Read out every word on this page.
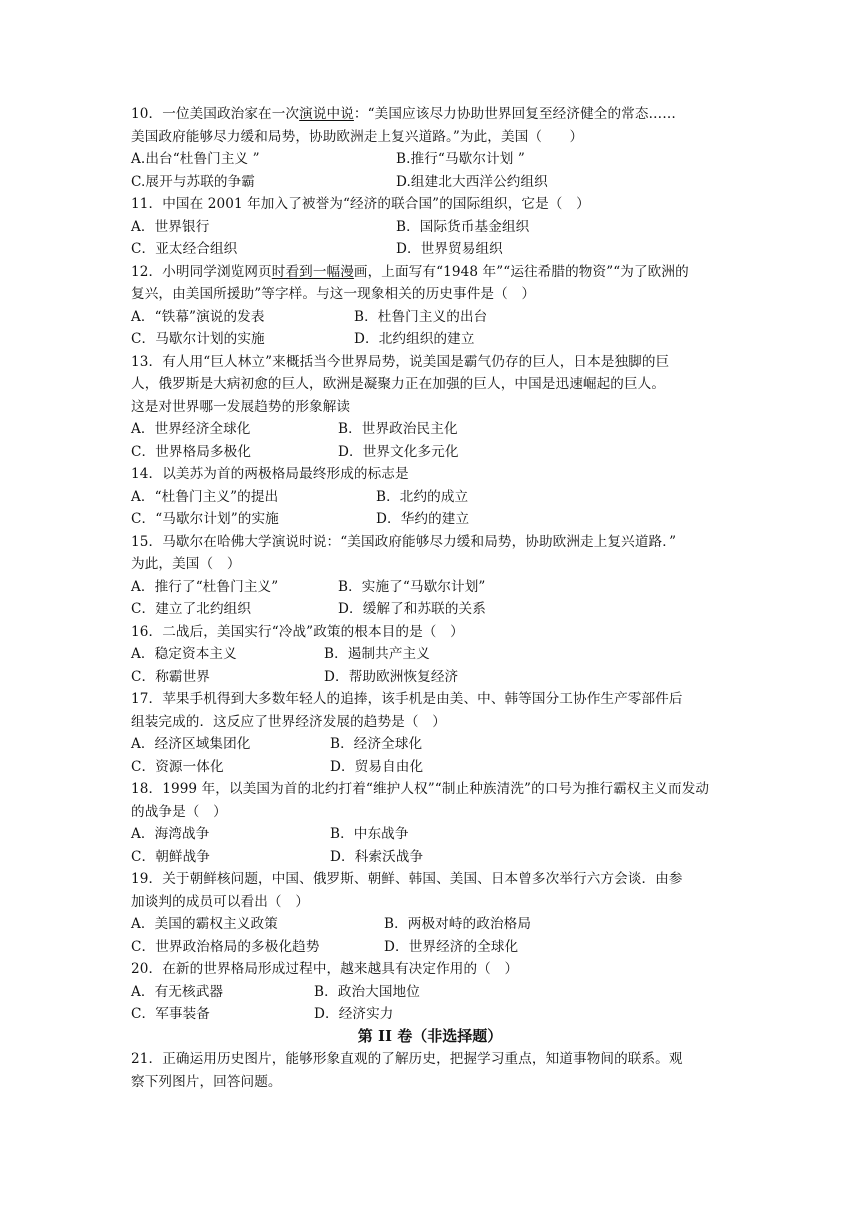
10．一位美国政治家在一次演说中说：“美国应该尽力协助世界回复至经济健全的常态……
美国政府能够尽力缓和局势，协助欧洲走上复兴道路。”为此，美国（　　）
A.出台“杜鲁门主义 ”	B.推行“马歇尔计划 ”
C.展开与苏联的争霸	D.组建北大西洋公约组织
11．中国在 2001 年加入了被誉为“经济的联合国”的国际组织，它是（　）
A．世界银行	B．国际货币基金组织
C．亚太经合组织	D．世界贸易组织
12．小明同学浏览网页时看到一幅漫画，上面写有“1948 年”“运往希腊的物资”“为了欧洲的
复兴，由美国所援助”等字样。与这一现象相关的历史事件是（　）
A．“铁幕”演说的发表	B．杜鲁门主义的出台
C．马歇尔计划的实施	D．北约组织的建立
13．有人用“巨人林立”来概括当今世界局势，说美国是霸气仍存的巨人，日本是独脚的巨
人，俄罗斯是大病初愈的巨人，欧洲是凝聚力正在加强的巨人，中国是迅速崛起的巨人。
这是对世界哪一发展趋势的形象解读
A．世界经济全球化	B．世界政治民主化
C．世界格局多极化	D．世界文化多元化
14．以美苏为首的两极格局最终形成的标志是
A．“杜鲁门主义”的提出	B．北约的成立
C．“马歇尔计划”的实施	D．华约的建立
15．马歇尔在哈佛大学演说时说：“美国政府能够尽力缓和局势，协助欧洲走上复兴道路．”
为此，美国（　）
A．推行了“杜鲁门主义”	B．实施了“马歇尔计划”
C．建立了北约组织	D．缓解了和苏联的关系
16．二战后，美国实行“冷战”政策的根本目的是（　）
A．稳定资本主义	B．遏制共产主义
C．称霸世界	D．帮助欧洲恢复经济
17．苹果手机得到大多数年轻人的追捧，该手机是由美、中、韩等国分工协作生产零部件后
组装完成的．这反应了世界经济发展的趋势是（　）
A．经济区域集团化	B．经济全球化
C．资源一体化	D．贸易自由化
18．1999 年，以美国为首的北约打着“维护人权”“制止种族清洗”的口号为推行霸权主义而发动
的战争是（　）
A．海湾战争	B．中东战争
C．朝鲜战争	D．科索沃战争
19．关于朝鲜核问题，中国、俄罗斯、朝鲜、韩国、美国、日本曾多次举行六方会谈．由参
加谈判的成员可以看出（　）
A．美国的霸权主义政策	B．两极对峙的政治格局
C．世界政治格局的多极化趋势	D．世界经济的全球化
20．在新的世界格局形成过程中，越来越具有决定作用的（　）
A．有无核武器	B．政治大国地位
C．军事装备	D．经济实力
第 II 卷（非选择题）
21．正确运用历史图片，能够形象直观的了解历史，把握学习重点，知道事物间的联系。观
察下列图片，回答问题。
